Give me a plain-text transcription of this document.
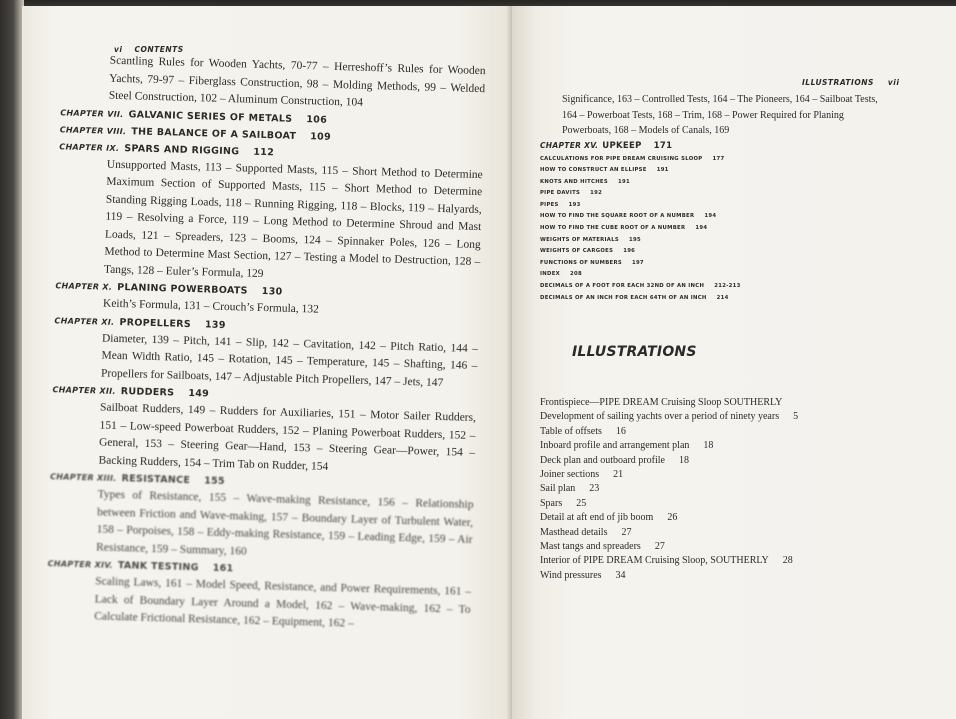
vi CONTENTS

Scantling Rules for Wooden Yachts, 70-77 – Herreshoff’s Rules for Wooden Yachts, 79-97 – Fiberglass Construction, 98 – Molding Methods, 99 – Welded Steel Construction, 102 – Aluminum Construction, 104

CHAPTER VII. GALVANIC SERIES OF METALS 106
CHAPTER VIII. THE BALANCE OF A SAILBOAT 109
CHAPTER IX. SPARS AND RIGGING 112

Unsupported Masts, 113 – Supported Masts, 115 – Short Method to Determine Maximum Section of Supported Masts, 115 – Short Method to Determine Standing Rigging Loads, 118 – Running Rigging, 118 – Blocks, 119 – Halyards, 119 – Resolving a Force, 119 – Long Method to Determine Shroud and Mast Loads, 121 – Spreaders, 123 – Booms, 124 – Spinnaker Poles, 126 – Long Method to Determine Mast Section, 127 – Testing a Model to Destruction, 128 – Tangs, 128 – Euler’s Formula, 129

CHAPTER X. PLANING POWERBOATS 130

Keith’s Formula, 131 – Crouch’s Formula, 132

CHAPTER XI. PROPELLERS 139

Diameter, 139 – Pitch, 141 – Slip, 142 – Cavitation, 142 – Pitch Ratio, 144 – Mean Width Ratio, 145 – Rotation, 145 – Temperature, 145 – Shafting, 146 – Propellers for Sailboats, 147 – Adjustable Pitch Propellers, 147 – Jets, 147

CHAPTER XII. RUDDERS 149

Sailboat Rudders, 149 – Rudders for Auxiliaries, 151 – Motor Sailer Rudders, 151 – Low-speed Powerboat Rudders, 152 – Planing Powerboat Rudders, 152 – General, 153 – Steering Gear—Hand, 153 – Steering Gear—Power, 154 – Backing Rudders, 154 – Trim Tab on Rudder, 154

CHAPTER XIII. RESISTANCE 155

Types of Resistance, 155 – Wave-making Resistance, 156 – Relationship between Friction and Wave-making, 157 – Boundary Layer of Turbulent Water, 158 – Porpoises, 158 – Eddy-making Resistance, 159 – Leading Edge, 159 – Air Resistance, 159 – Summary, 160

CHAPTER XIV. TANK TESTING 161

Scaling Laws, 161 – Model Speed, Resistance, and Power Requirements, 161 – Lack of Boundary Layer Around a Model, 162 – Wave-making, 162 – To Calculate Frictional Resistance, 162 – Equipment, 162 –

ILLUSTRATIONS vii

Significance, 163 – Controlled Tests, 164 – The Pioneers, 164 – Sailboat Tests, 164 – Powerboat Tests, 168 – Trim, 168 – Power Required for Planing Powerboats, 168 – Models of Canals, 169

CHAPTER XV. UPKEEP 171
CALCULATIONS FOR PIPE DREAM CRUISING SLOOP 177
HOW TO CONSTRUCT AN ELLIPSE 191
KNOTS AND HITCHES 191
PIPE DAVITS 192
PIPES 193
HOW TO FIND THE SQUARE ROOT OF A NUMBER 194
HOW TO FIND THE CUBE ROOT OF A NUMBER 194
WEIGHTS OF MATERIALS 195
WEIGHTS OF CARGOES 196
FUNCTIONS OF NUMBERS 197
INDEX 208
DECIMALS OF A FOOT FOR EACH 32ND OF AN INCH 212-213
DECIMALS OF AN INCH FOR EACH 64TH OF AN INCH 214
ILLUSTRATIONS
Frontispiece—PIPE DREAM Cruising Sloop SOUTHERLY
Development of sailing yachts over a period of ninety years 5
Table of offsets 16
Inboard profile and arrangement plan 18
Deck plan and outboard profile 18
Joiner sections 21
Sail plan 23
Spars 25
Detail at aft end of jib boom 26
Masthead details 27
Mast tangs and spreaders 27
Interior of PIPE DREAM Cruising Sloop, SOUTHERLY 28
Wind pressures 34
